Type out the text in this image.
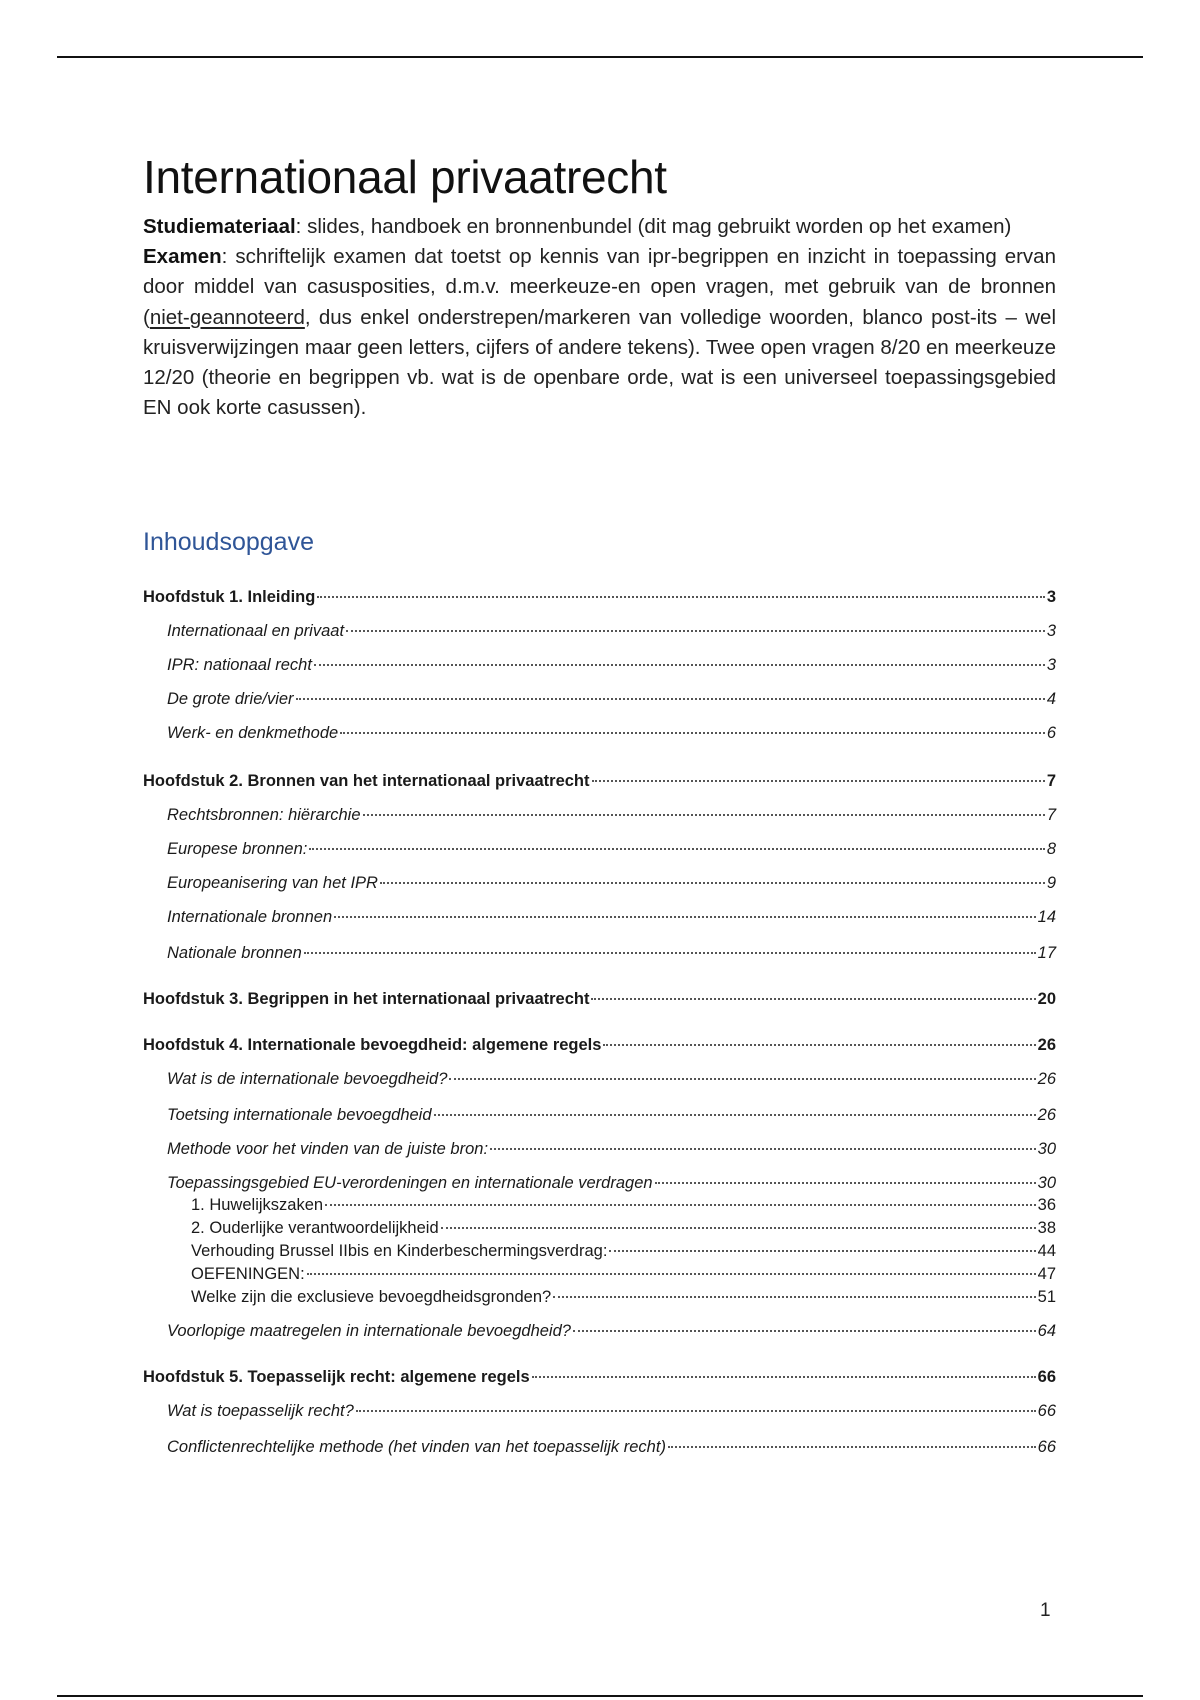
Internationaal privaatrecht

Studiemateriaal: slides, handboek en bronnenbundel (dit mag gebruikt worden op het examen)

Examen: schriftelijk examen dat toetst op kennis van ipr-begrippen en inzicht in toepassing ervan door middel van casusposities, d.m.v. meerkeuze-en open vragen, met gebruik van de bronnen (niet-geannoteerd, dus enkel onderstrepen/markeren van volledige woorden, blanco post-its – wel kruisverwijzingen maar geen letters, cijfers of andere tekens). Twee open vragen 8/20 en meerkeuze 12/20 (theorie en begrippen vb. wat is de openbare orde, wat is een universeel toepassingsgebied EN ook korte casussen).

Inhoudsopgave
Hoofdstuk 1. Inleiding	3
Internationaal en privaat	3
IPR: nationaal recht	3
De grote drie/vier	4
Werk- en denkmethode	6
Hoofdstuk 2. Bronnen van het internationaal privaatrecht	7
Rechtsbronnen: hiërarchie	7
Europese bronnen:	8
Europeanisering van het IPR	9
Internationale bronnen	14
Nationale bronnen	17
Hoofdstuk 3. Begrippen in het internationaal privaatrecht	20
Hoofdstuk 4. Internationale bevoegdheid: algemene regels	26
Wat is de internationale bevoegdheid?	26
Toetsing internationale bevoegdheid	26
Methode voor het vinden van de juiste bron:	30
Toepassingsgebied EU-verordeningen en internationale verdragen	30
1. Huwelijkszaken	36
2. Ouderlijke verantwoordelijkheid	38
Verhouding Brussel IIbis en Kinderbeschermingsverdrag:	44
OEFENINGEN:	47
Welke zijn die exclusieve bevoegdheidsgronden?	51
Voorlopige maatregelen in internationale bevoegdheid?	64
Hoofdstuk 5. Toepasselijk recht: algemene regels	66
Wat is toepasselijk recht?	66
Conflictenrechtelijke methode (het vinden van het toepasselijk recht)	66
1
